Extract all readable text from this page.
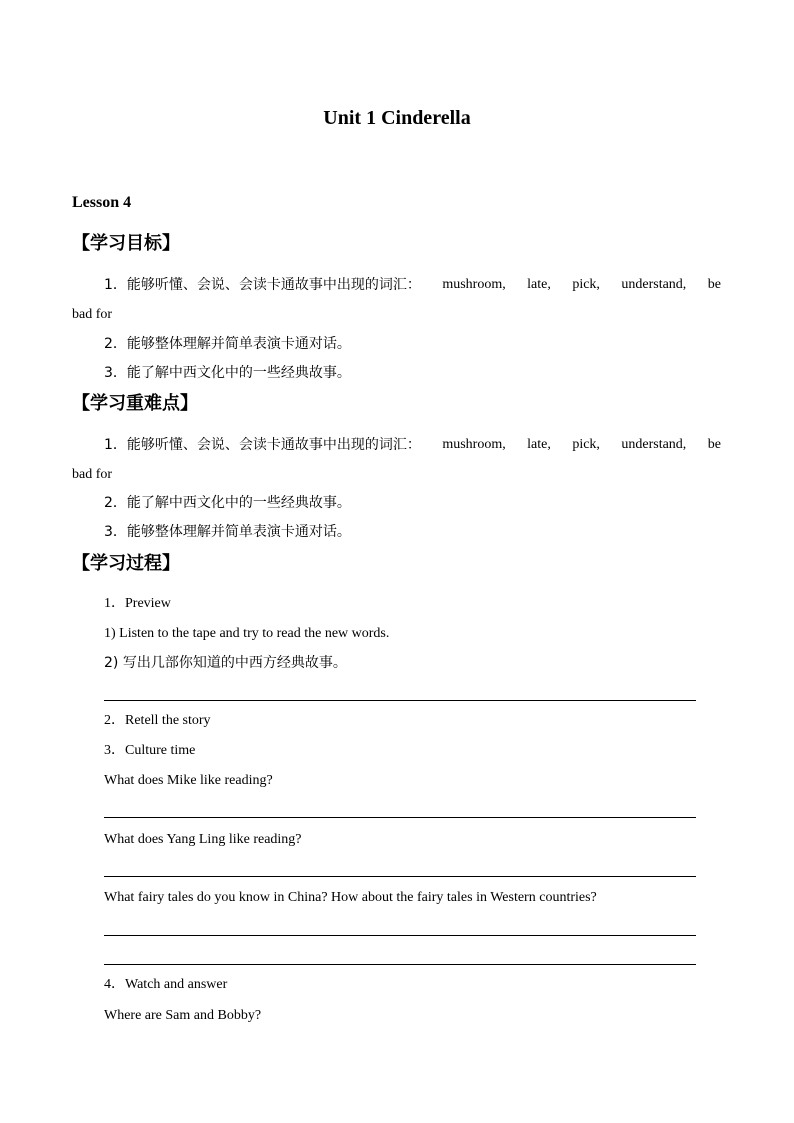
Unit 1 Cinderella
Lesson 4
【学习目标】
1．能够听懂、会说、会读卡通故事中出现的词汇： mushroom, late, pick, understand, be
bad for
2．能够整体理解并简单表演卡通对话。
3．能了解中西文化中的一些经典故事。
【学习重难点】
1．能够听懂、会说、会读卡通故事中出现的词汇： mushroom, late, pick, understand, be
bad for
2．能了解中西文化中的一些经典故事。
3．能够整体理解并简单表演卡通对话。
【学习过程】
1．Preview
1) Listen to the tape and try to read the new words.
2) 写出几部你知道的中西方经典故事。
2．Retell the story
3．Culture time
What does Mike like reading?
What does Yang Ling like reading?
What fairy tales do you know in China? How about the fairy tales in Western countries?
4．Watch and answer
Where are Sam and Bobby?
